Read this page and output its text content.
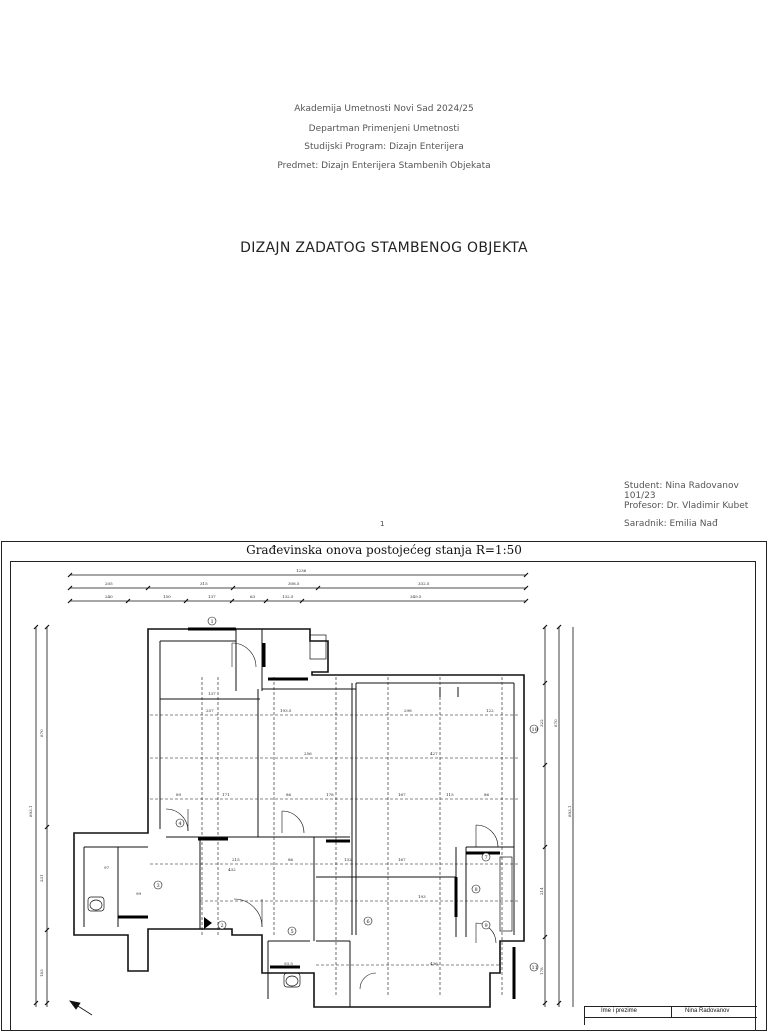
Akademija Umetnosti Novi Sad 2024/25
Departman Primenjeni Umetnosti
Studijski Program: Dizajn Enterijera
Predmet: Dizajn Enterijera Stambenih Objekata
DIZAJN ZADATOG STAMBENOG OBJEKTA
Student: Nina Radovanov 101/23
Profesor: Dr. Vladimir Kubet
Saradnik: Emilia Nađ
1
Građevinska onova postojećeg stanja R=1:50
1236
205	315	308.5	332.5
240	150	137	63	132.5	349.5
893.1
870
231
183
893.1
870
322
214
178
257	193.5	298	122
256	427
89	171	86	178	167	115	86
137
132	167
215	86
432
193
436
93.5
97
99
1
2
3
4
5
6
7
8
9
10
11
Ime i prezime	Nina Radovanov
